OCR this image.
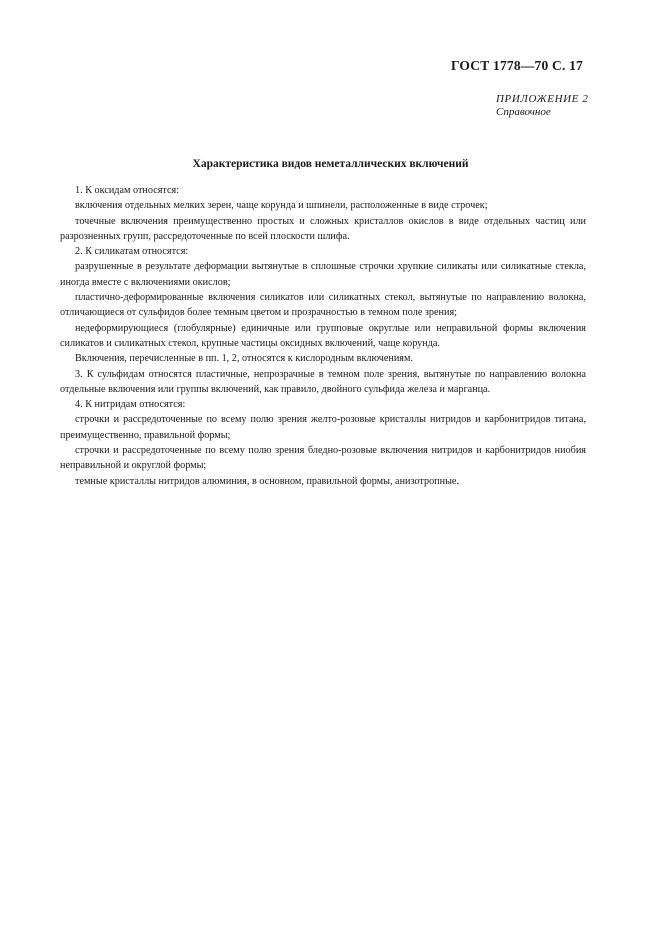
ГОСТ 1778—70 С. 17
ПРИЛОЖЕНИЕ 2
Справочное
Характеристика видов неметаллических включений

1. К оксидам относятся:

включения отдельных мелких зерен, чаще корунда и шпинели, расположенные в виде строчек;

точечные включения преимущественно простых и сложных кристаллов окислов в виде отдельных частиц или разрозненных групп, рассредоточенные по всей плоскости шлифа.

2. К силикатам относятся:

разрушенные в результате деформации вытянутые в сплошные строчки хрупкие силикаты или силикатные стекла, иногда вместе с включениями окислов;

пластично-деформированные включения силикатов или силикатных стекол, вытянутые по направлению волокна, отличающиеся от сульфидов более темным цветом и прозрачностью в темном поле зрения;

недеформирующиеся (глобулярные) единичные или групповые округлые или неправильной формы включения силикатов и силикатных стекол, крупные частицы оксидных включений, чаще корунда.

Включения, перечисленные в пп. 1, 2, относятся к кислородным включениям.

3. К сульфидам относятся пластичные, непрозрачные в темном поле зрения, вытянутые по направлению волокна отдельные включения или группы включений, как правило, двойного сульфида железа и марганца.

4. К нитридам относятся:

строчки и рассредоточенные по всему полю зрения желто-розовые кристаллы нитридов и карбонитридов титана, преимущественно, правильной формы;

строчки и рассредоточенные по всему полю зрения бледно-розовые включения нитридов и карбонитридов ниобия неправильной и округлой формы;

темные кристаллы нитридов алюминия, в основном, правильной формы, анизотропные.
